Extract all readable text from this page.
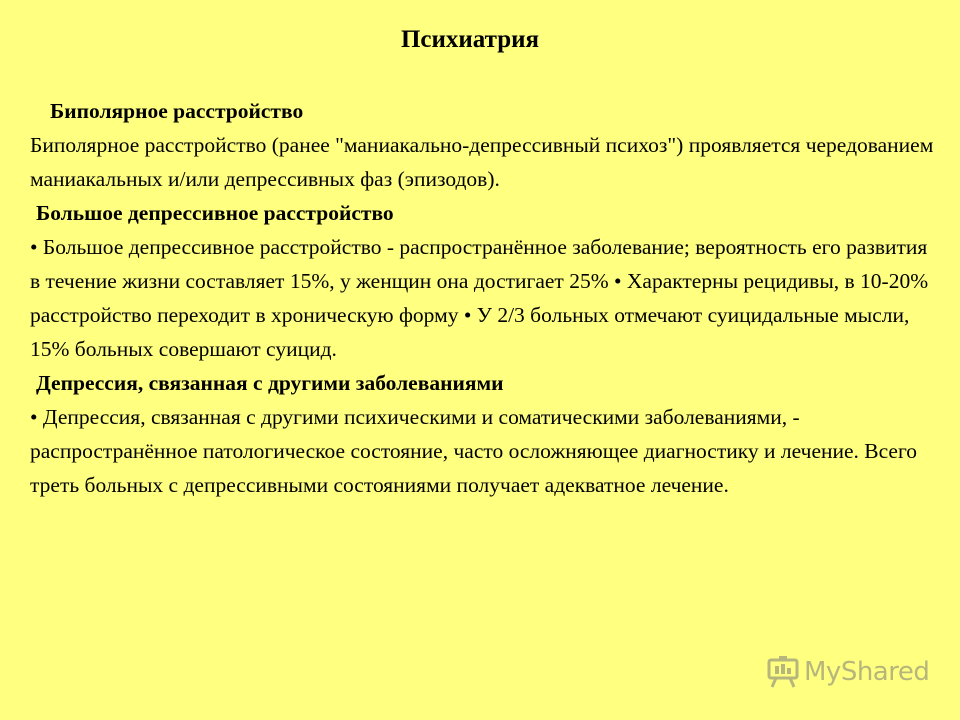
Психиатрия
Биполярное расстройство
Биполярное расстройство (ранее "маниакально-депрессивный психоз") проявляется чередованием маниакальных и/или депрессивных фаз (эпизодов).
Большое депрессивное расстройство
• Большое депрессивное расстройство - распространённое заболевание; вероятность его развития в течение жизни составляет 15%, у женщин она достигает 25% • Характерны рецидивы, в 10-20% расстройство переходит в хроническую форму • У 2/3 больных отмечают суицидальные мысли, 15% больных совершают суицид.
Депрессия, связанная с другими заболеваниями
• Депрессия, связанная с другими психическими и соматическими заболеваниями, - распространённое патологическое состояние, часто осложняющее диагностику и лечение. Всего треть больных с депрессивными состояниями получает адекватное лечение.
MyShared
